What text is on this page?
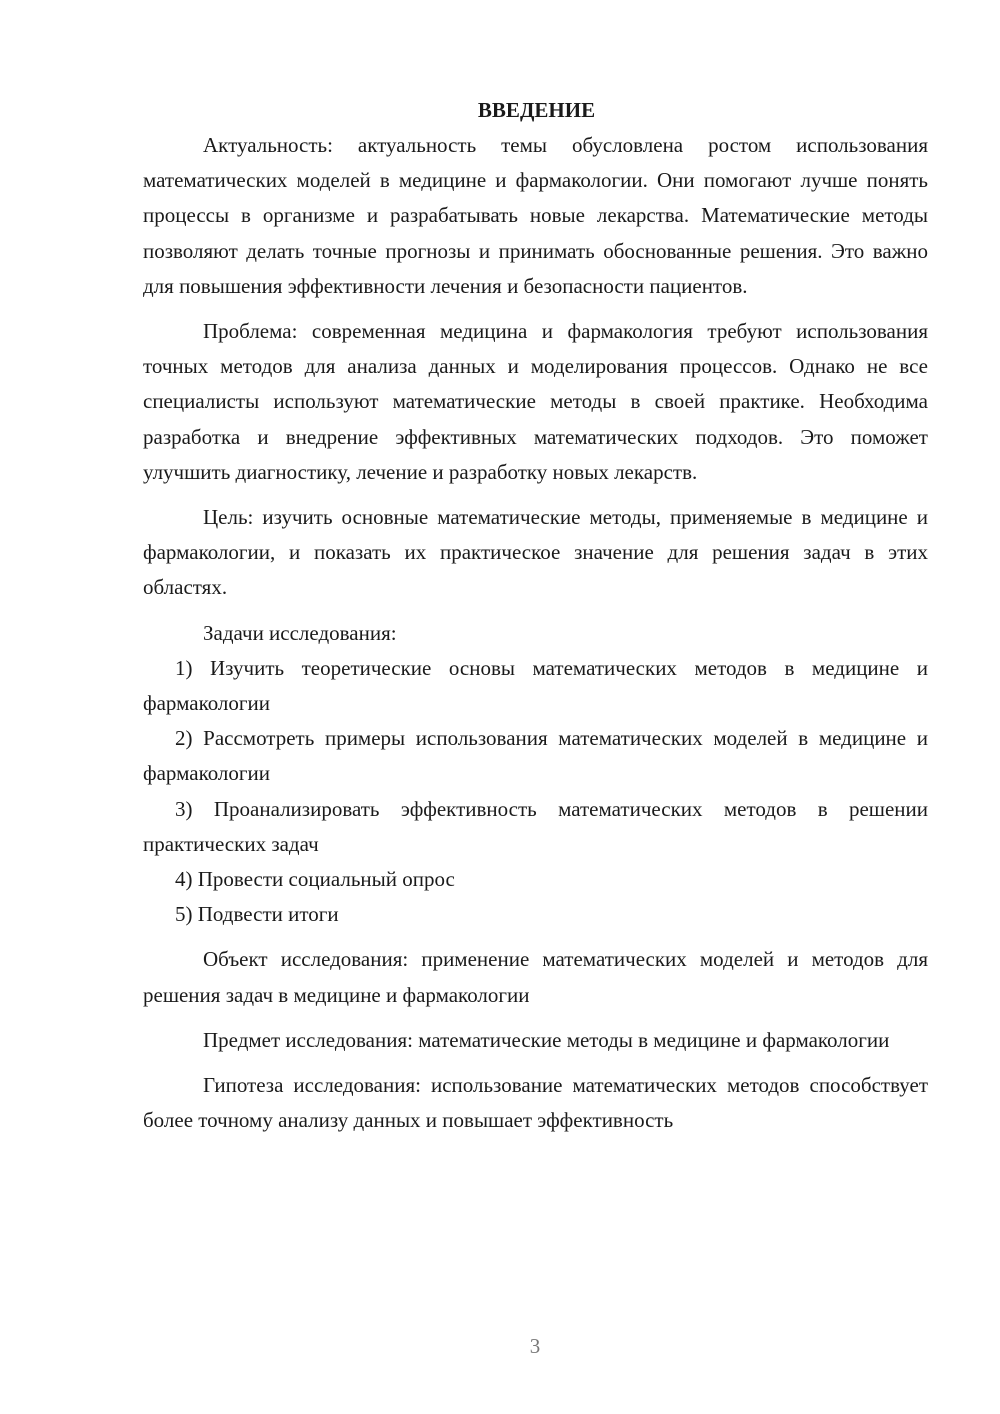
ВВЕДЕНИЕ

Актуальность: актуальность темы обусловлена ростом использования математических моделей в медицине и фармакологии. Они помогают лучше понять процессы в организме и разрабатывать новые лекарства. Математические методы позволяют делать точные прогнозы и принимать обоснованные решения. Это важно для повышения эффективности лечения и безопасности пациентов.

Проблема: современная медицина и фармакология требуют использования точных методов для анализа данных и моделирования процессов. Однако не все специалисты используют математические методы в своей практике. Необходима разработка и внедрение эффективных математических подходов. Это поможет улучшить диагностику, лечение и разработку новых лекарств.

Цель: изучить основные математические методы, применяемые в медицине и фармакологии, и показать их практическое значение для решения задач в этих областях.

Задачи исследования:

1) Изучить теоретические основы математических методов в медицине и фармакологии

2) Рассмотреть примеры использования математических моделей в медицине и фармакологии

3) Проанализировать эффективность математических методов в решении практических задач

4) Провести социальный опрос

5) Подвести итоги

Объект исследования: применение математических моделей и методов для решения задач в медицине и фармакологии

Предмет исследования: математические методы в медицине и фармакологии

Гипотеза исследования: использование математических методов способствует более точному анализу данных и повышает эффективность

3
